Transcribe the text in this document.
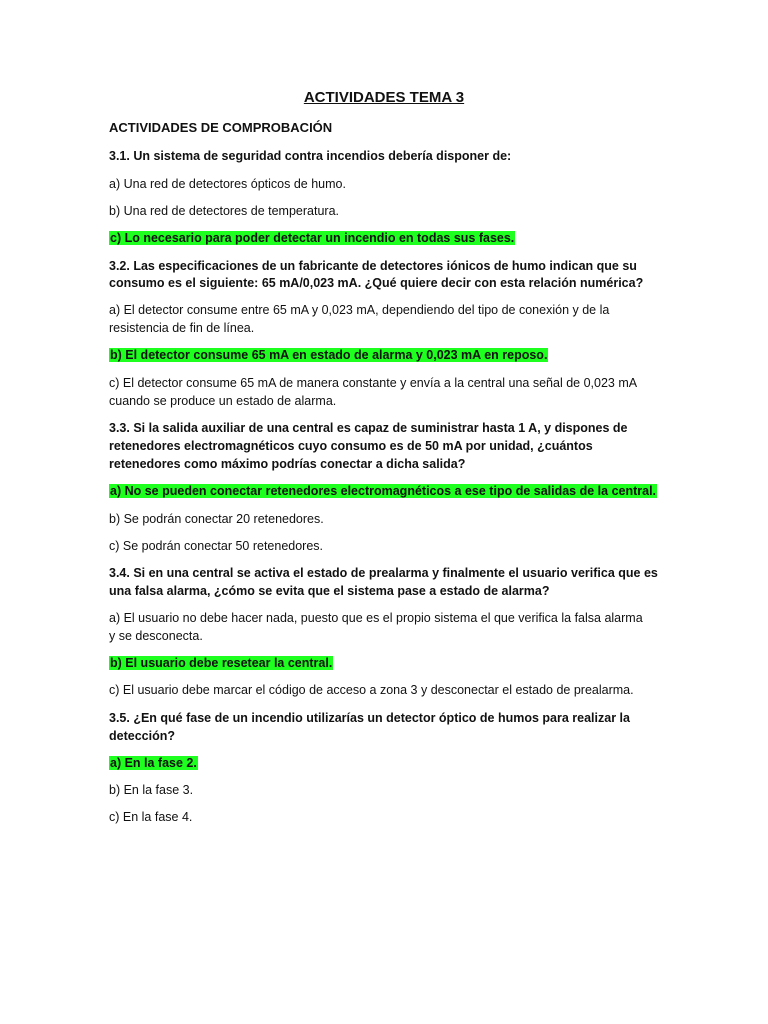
ACTIVIDADES TEMA 3
ACTIVIDADES DE COMPROBACIÓN
3.1. Un sistema de seguridad contra incendios debería disponer de:
a) Una red de detectores ópticos de humo.
b) Una red de detectores de temperatura.
c) Lo necesario para poder detectar un incendio en todas sus fases.
3.2. Las especificaciones de un fabricante de detectores iónicos de humo indican que su
consumo es el siguiente: 65 mA/0,023 mA. ¿Qué quiere decir con esta relación numérica?
a) El detector consume entre 65 mA y 0,023 mA, dependiendo del tipo de conexión y de la
resistencia de fin de línea.
b) El detector consume 65 mA en estado de alarma y 0,023 mA en reposo.
c) El detector consume 65 mA de manera constante y envía a la central una señal de 0,023 mA
cuando se produce un estado de alarma.
3.3. Si la salida auxiliar de una central es capaz de suministrar hasta 1 A, y dispones de
retenedores electromagnéticos cuyo consumo es de 50 mA por unidad, ¿cuántos
retenedores como máximo podrías conectar a dicha salida?
a) No se pueden conectar retenedores electromagnéticos a ese tipo de salidas de la central.
b) Se podrán conectar 20 retenedores.
c) Se podrán conectar 50 retenedores.
3.4. Si en una central se activa el estado de prealarma y finalmente el usuario verifica que es
una falsa alarma, ¿cómo se evita que el sistema pase a estado de alarma?
a) El usuario no debe hacer nada, puesto que es el propio sistema el que verifica la falsa alarma
y se desconecta.
b) El usuario debe resetear la central.
c) El usuario debe marcar el código de acceso a zona 3 y desconectar el estado de prealarma.
3.5. ¿En qué fase de un incendio utilizarías un detector óptico de humos para realizar la
detección?
a) En la fase 2.
b) En la fase 3.
c) En la fase 4.
